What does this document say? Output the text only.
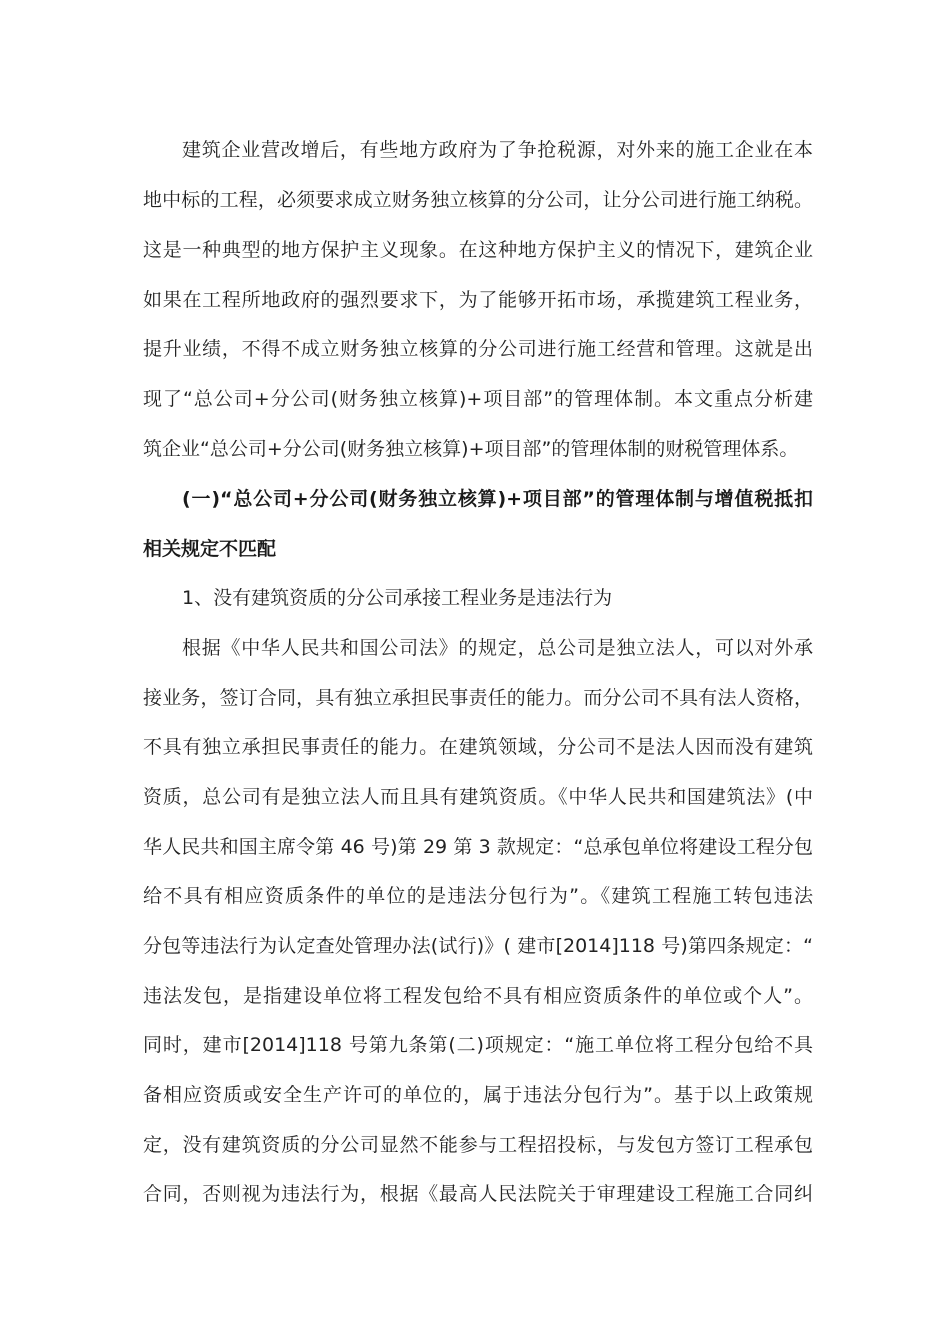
建筑企业营改增后，有些地方政府为了争抢税源，对外来的施工企业在本
地中标的工程，必须要求成立财务独立核算的分公司，让分公司进行施工纳税。
这是一种典型的地方保护主义现象。在这种地方保护主义的情况下，建筑企业
如果在工程所地政府的强烈要求下，为了能够开拓市场，承揽建筑工程业务，
提升业绩，不得不成立财务独立核算的分公司进行施工经营和管理。这就是出
现了“总公司+分公司(财务独立核算)+项目部”的管理体制。本文重点分析建
筑企业“总公司+分公司(财务独立核算)+项目部”的管理体制的财税管理体系。
(一)“总公司+分公司(财务独立核算)+项目部”的管理体制与增值税抵扣
相关规定不匹配
1、没有建筑资质的分公司承接工程业务是违法行为
根据《中华人民共和国公司法》的规定，总公司是独立法人，可以对外承
接业务，签订合同，具有独立承担民事责任的能力。而分公司不具有法人资格，
不具有独立承担民事责任的能力。在建筑领域，分公司不是法人因而没有建筑
资质，总公司有是独立法人而且具有建筑资质。《中华人民共和国建筑法》(中
华人民共和国主席令第 46 号)第 29 第 3 款规定：“总承包单位将建设工程分包
给不具有相应资质条件的单位的是违法分包行为”。《建筑工程施工转包违法
分包等违法行为认定查处管理办法(试行)》( 建市[2014]118 号)第四条规定：“
违法发包，是指建设单位将工程发包给不具有相应资质条件的单位或个人”。
同时，建市[2014]118 号第九条第(二)项规定：“施工单位将工程分包给不具
备相应资质或安全生产许可的单位的，属于违法分包行为”。基于以上政策规
定，没有建筑资质的分公司显然不能参与工程招投标，与发包方签订工程承包
合同，否则视为违法行为，根据《最高人民法院关于审理建设工程施工合同纠
